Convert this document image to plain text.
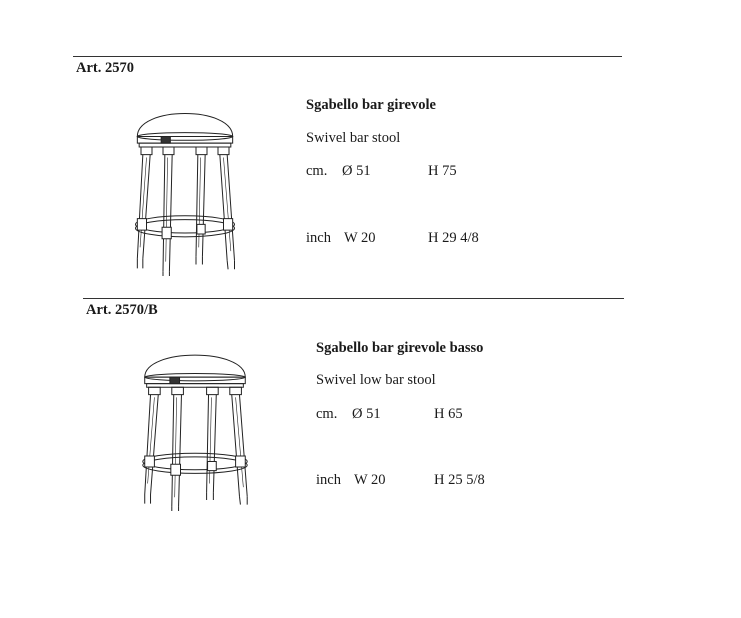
Art. 2570
Sgabello bar girevole
Swivel bar stool
cm. Ø 51	H 75
inch W 20	H 29 4/8
Art. 2570/B
Sgabello bar girevole basso
Swivel low bar stool
cm. Ø 51	H 65
inch W 20	H 25 5/8
